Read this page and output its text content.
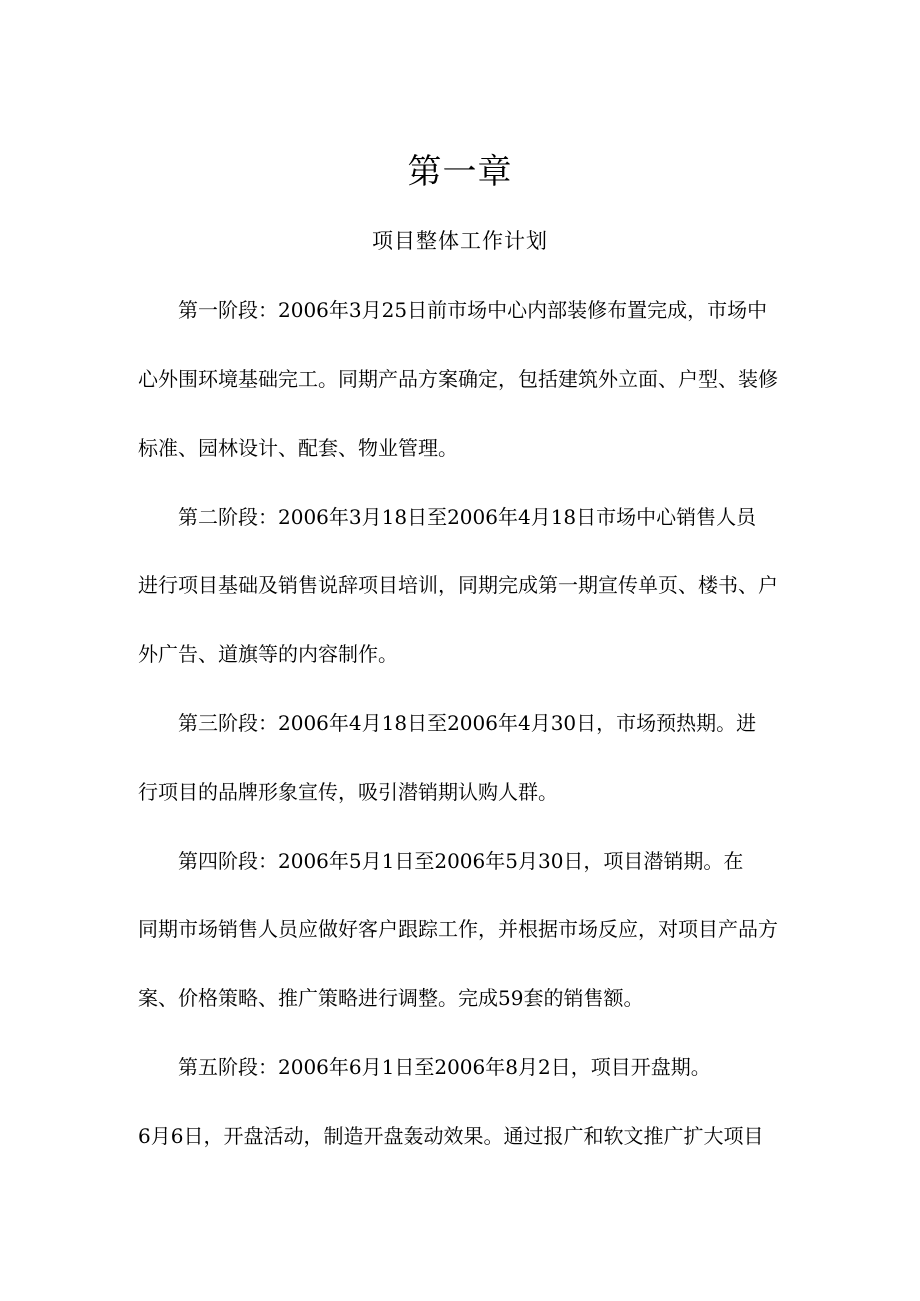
第一章
项目整体工作计划
　　第一阶段：2006年3月25日前市场中心内部装修布置完成，市场中
心外围环境基础完工。同期产品方案确定，包括建筑外立面、户型、装修
标准、园林设计、配套、物业管理。
　　第二阶段：2006年3月18日至2006年4月18日市场中心销售人员
进行项目基础及销售说辞项目培训，同期完成第一期宣传单页、楼书、户
外广告、道旗等的内容制作。
　　第三阶段：2006年4月18日至2006年4月30日，市场预热期。进
行项目的品牌形象宣传，吸引潜销期认购人群。
　　第四阶段：2006年5月1日至2006年5月30日，项目潜销期。在
同期市场销售人员应做好客户跟踪工作，并根据市场反应，对项目产品方
案、价格策略、推广策略进行调整。完成59套的销售额。
　　第五阶段：2006年6月1日至2006年8月2日，项目开盘期。
6月6日，开盘活动，制造开盘轰动效果。通过报广和软文推广扩大项目
